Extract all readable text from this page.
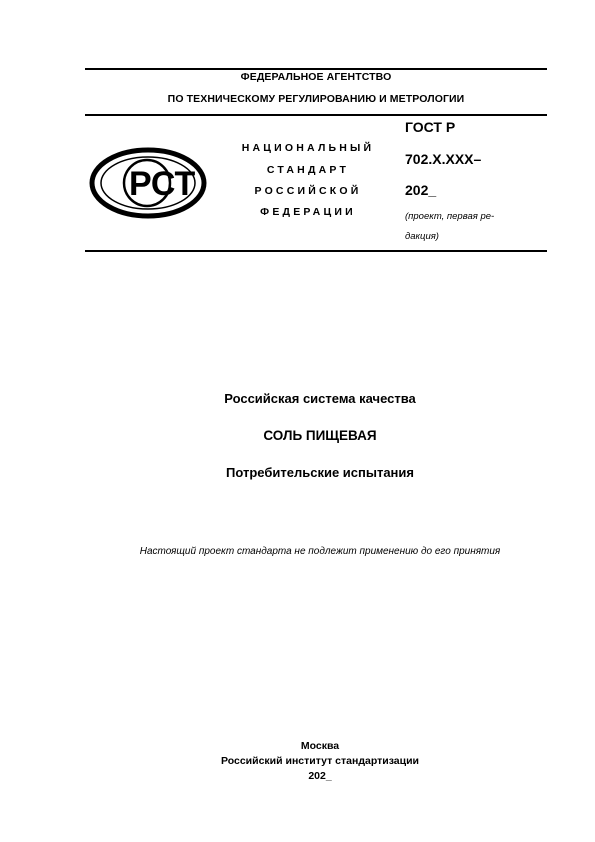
ФЕДЕРАЛЬНОЕ АГЕНТСТВО
ПО ТЕХНИЧЕСКОМУ РЕГУЛИРОВАНИЮ И МЕТРОЛОГИИ
РСТ
НАЦИОНАЛЬНЫЙ
СТАНДАРТ
РОССИЙСКОЙ
ФЕДЕРАЦИИ
ГОСТ Р
702.Х.ХХХ–
202_
(проект, первая ре-
дакция)
Российская система качества
СОЛЬ ПИЩЕВАЯ
Потребительские испытания
Настоящий проект стандарта не подлежит применению до его принятия
Москва
Российский институт стандартизации
202_
